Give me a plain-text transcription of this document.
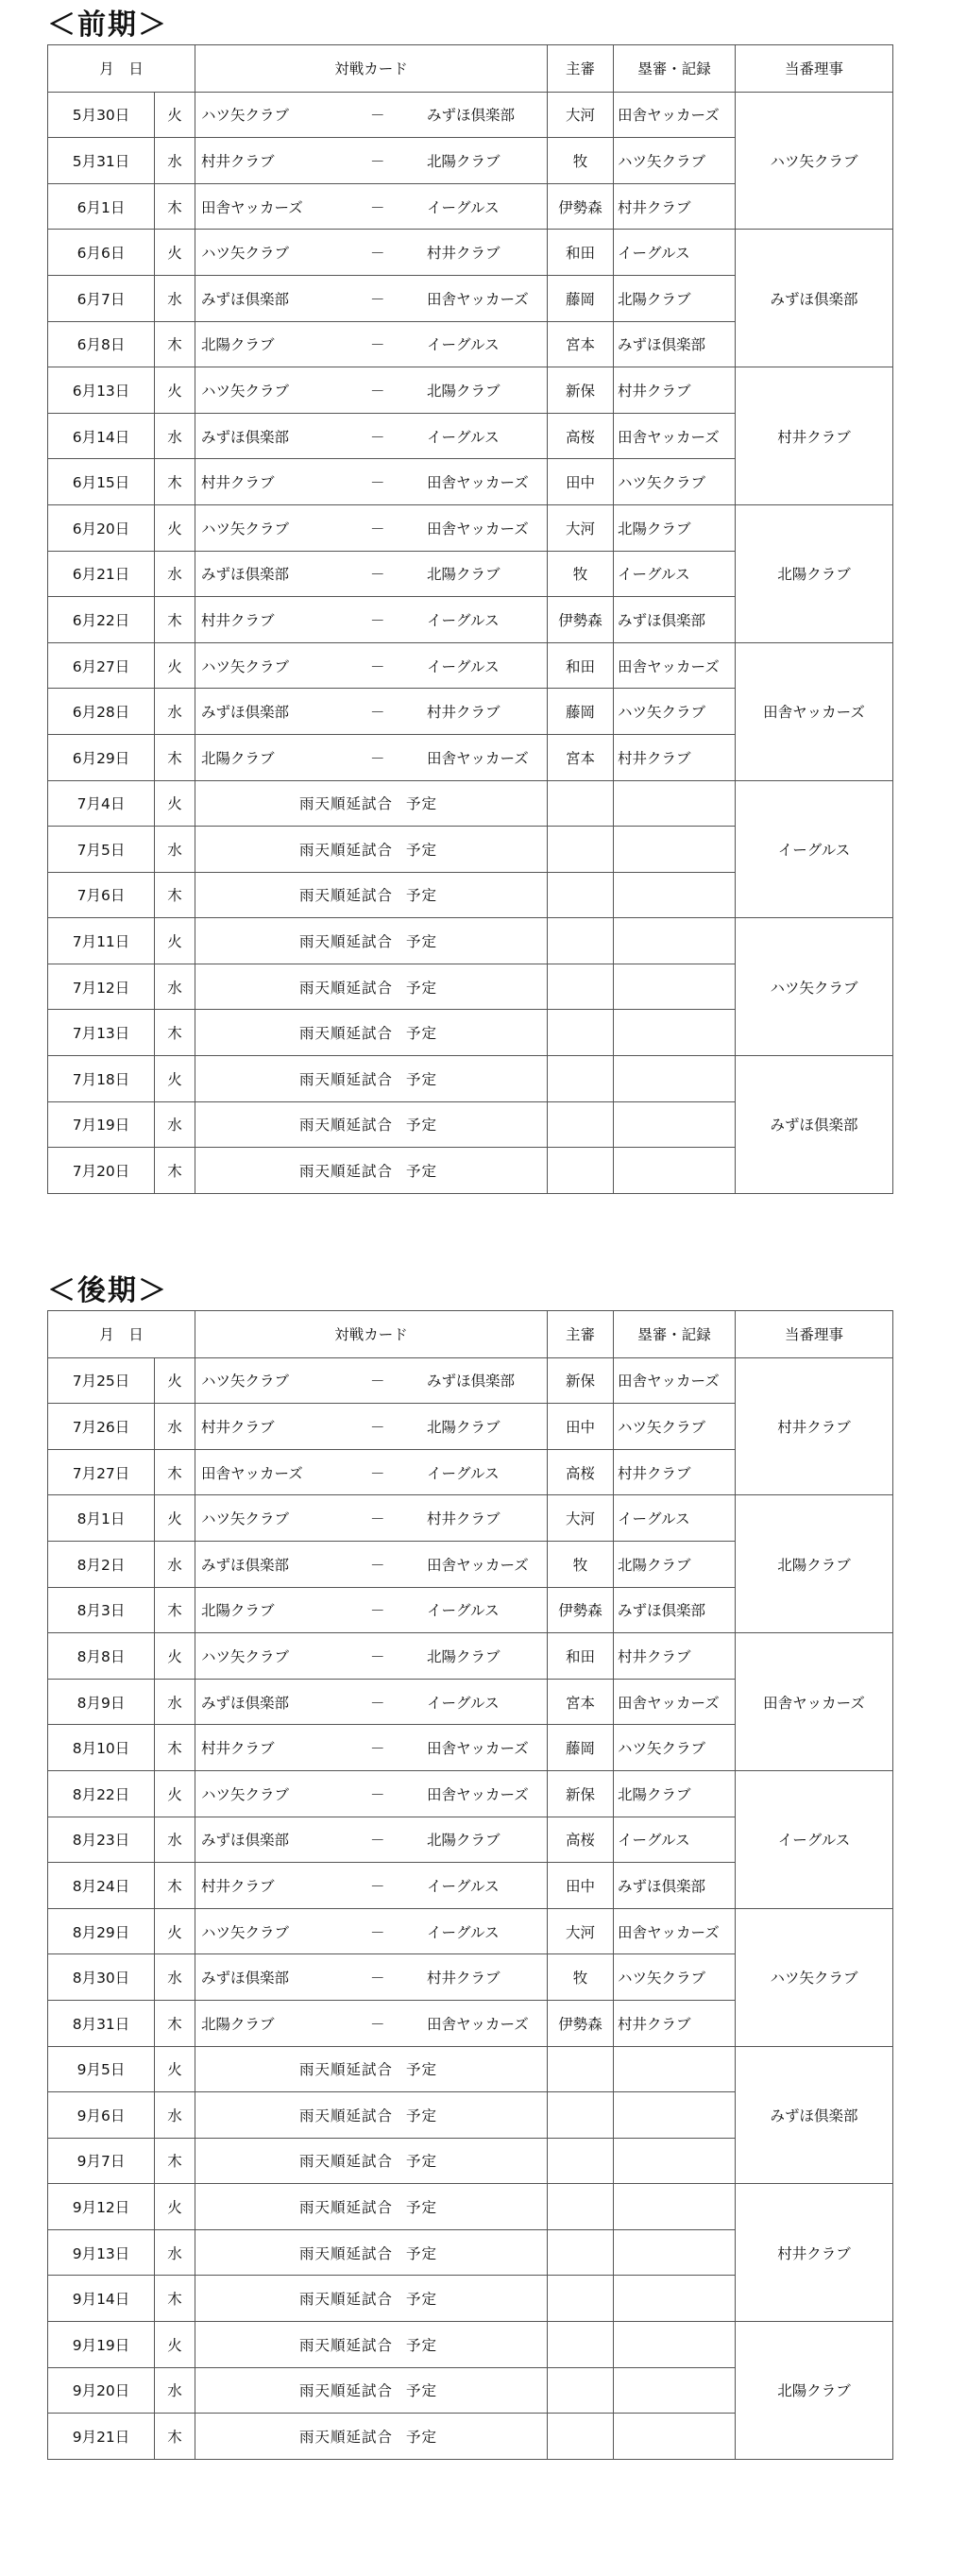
＜前期＞
月　日		対戦カード	主審	塁審・記録	当番理事
5月30日	火	ハツ矢クラブ － みずほ倶楽部	大河	田舎ヤッカーズ	ハツ矢クラブ
5月31日	水	村井クラブ － 北陽クラブ	牧	ハツ矢クラブ	
6月1日	木	田舎ヤッカーズ － イーグルス	伊勢森	村井クラブ	
6月6日	火	ハツ矢クラブ － 村井クラブ	和田	イーグルス	みずほ倶楽部
6月7日	水	みずほ倶楽部 － 田舎ヤッカーズ	藤岡	北陽クラブ	
6月8日	木	北陽クラブ － イーグルス	宮本	みずほ倶楽部	
6月13日	火	ハツ矢クラブ － 北陽クラブ	新保	村井クラブ	村井クラブ
6月14日	水	みずほ倶楽部 － イーグルス	高桜	田舎ヤッカーズ	
6月15日	木	村井クラブ － 田舎ヤッカーズ	田中	ハツ矢クラブ	
6月20日	火	ハツ矢クラブ － 田舎ヤッカーズ	大河	北陽クラブ	北陽クラブ
6月21日	水	みずほ倶楽部 － 北陽クラブ	牧	イーグルス	
6月22日	木	村井クラブ － イーグルス	伊勢森	みずほ倶楽部	
6月27日	火	ハツ矢クラブ － イーグルス	和田	田舎ヤッカーズ	田舎ヤッカーズ
6月28日	水	みずほ倶楽部 － 村井クラブ	藤岡	ハツ矢クラブ	
6月29日	木	北陽クラブ － 田舎ヤッカーズ	宮本	村井クラブ	
7月4日	火	雨天順延試合 予定			イーグルス
7月5日	水	雨天順延試合 予定			

7月6日	木	雨天順延試合 予定			

7月11日	火	雨天順延試合 予定			ハツ矢クラブ
7月12日	水	雨天順延試合 予定			

7月13日	木	雨天順延試合 予定			

7月18日	火	雨天順延試合 予定			みずほ倶楽部
7月19日	水	雨天順延試合 予定			

7月20日	木	雨天順延試合 予定			

＜後期＞
月　日		対戦カード	主審	塁審・記録	当番理事
7月25日	火	ハツ矢クラブ － みずほ倶楽部	新保	田舎ヤッカーズ	村井クラブ
7月26日	水	村井クラブ － 北陽クラブ	田中	ハツ矢クラブ	
7月27日	木	田舎ヤッカーズ － イーグルス	高桜	村井クラブ	
8月1日	火	ハツ矢クラブ － 村井クラブ	大河	イーグルス	北陽クラブ
8月2日	水	みずほ倶楽部 － 田舎ヤッカーズ	牧	北陽クラブ	
8月3日	木	北陽クラブ － イーグルス	伊勢森	みずほ倶楽部	
8月8日	火	ハツ矢クラブ － 北陽クラブ	和田	村井クラブ	田舎ヤッカーズ
8月9日	水	みずほ倶楽部 － イーグルス	宮本	田舎ヤッカーズ	
8月10日	木	村井クラブ － 田舎ヤッカーズ	藤岡	ハツ矢クラブ	
8月22日	火	ハツ矢クラブ － 田舎ヤッカーズ	新保	北陽クラブ	イーグルス
8月23日	水	みずほ倶楽部 － 北陽クラブ	高桜	イーグルス	
8月24日	木	村井クラブ － イーグルス	田中	みずほ倶楽部	
8月29日	火	ハツ矢クラブ － イーグルス	大河	田舎ヤッカーズ	ハツ矢クラブ
8月30日	水	みずほ倶楽部 － 村井クラブ	牧	ハツ矢クラブ	
8月31日	木	北陽クラブ － 田舎ヤッカーズ	伊勢森	村井クラブ	
9月5日	火	雨天順延試合 予定			みずほ倶楽部
9月6日	水	雨天順延試合 予定			

9月7日	木	雨天順延試合 予定			

9月12日	火	雨天順延試合 予定			村井クラブ
9月13日	水	雨天順延試合 予定			

9月14日	木	雨天順延試合 予定			

9月19日	火	雨天順延試合 予定			北陽クラブ
9月20日	水	雨天順延試合 予定			

9月21日	木	雨天順延試合 予定			
